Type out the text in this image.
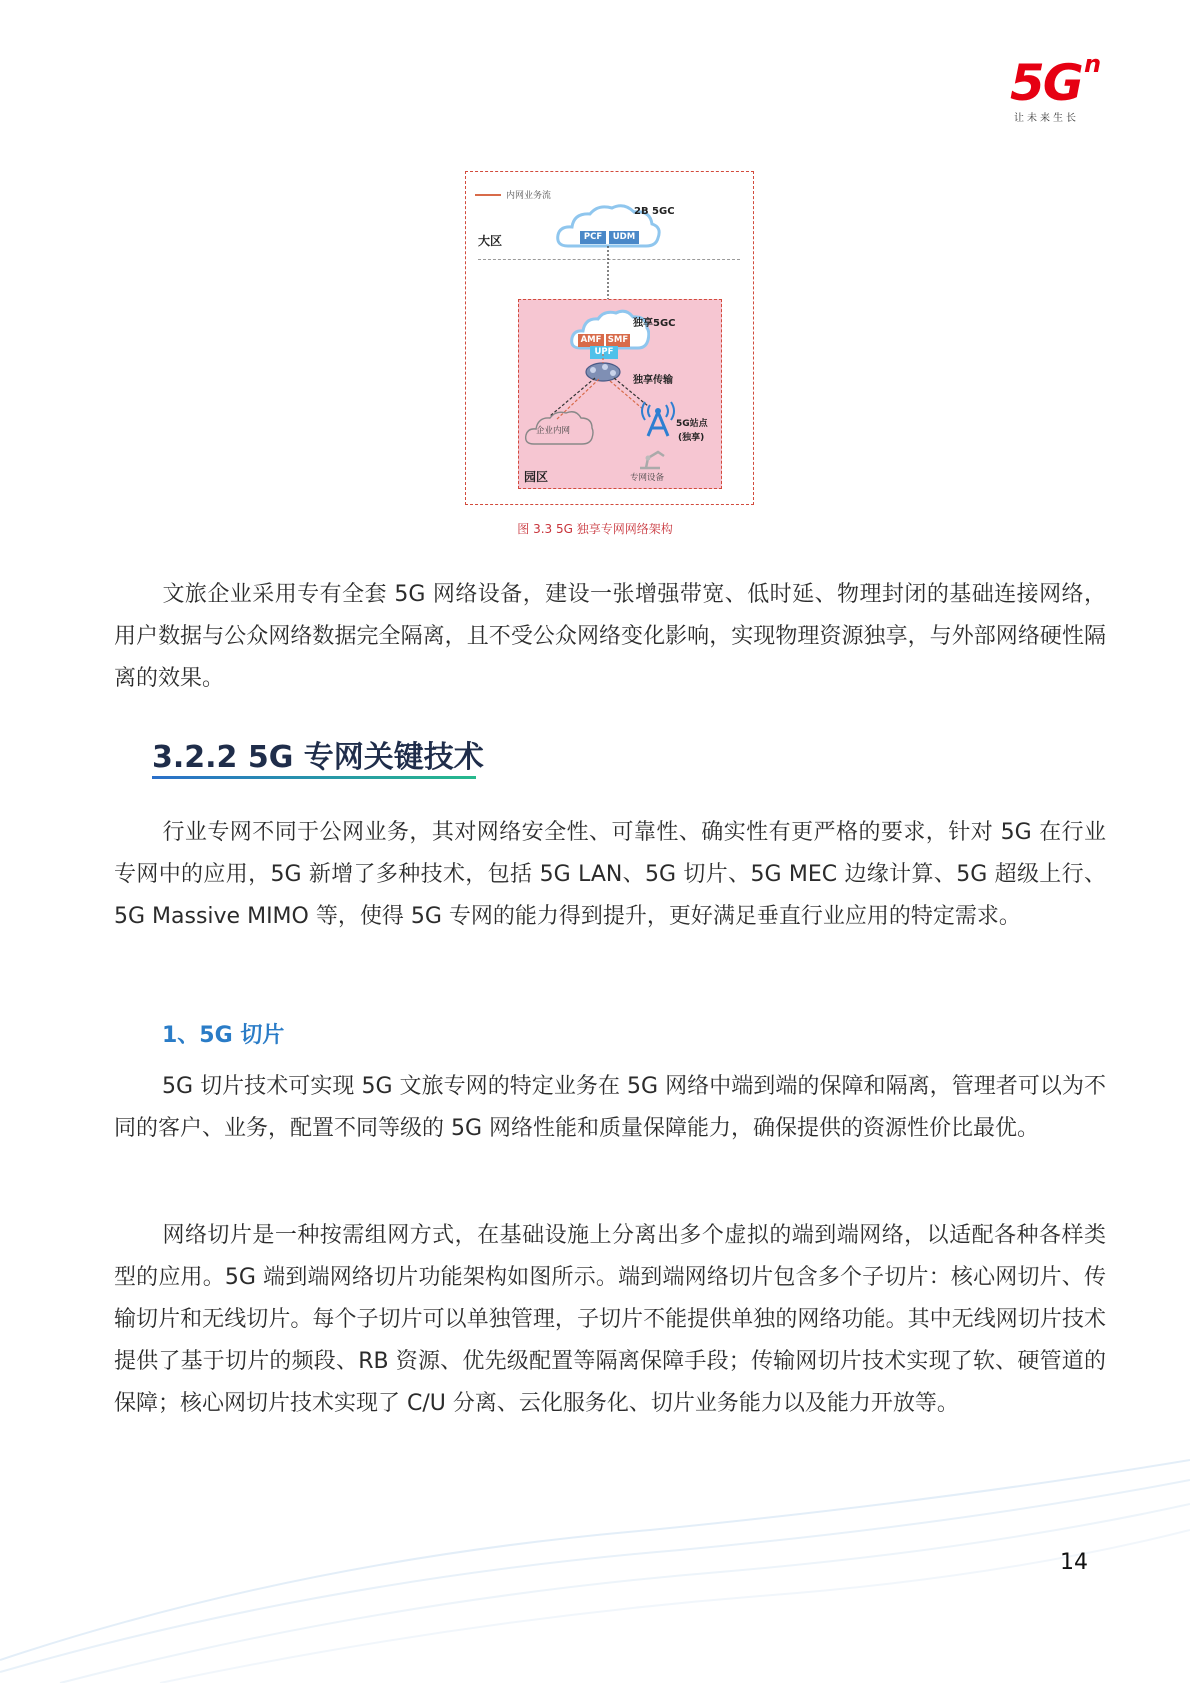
5G n
让未来生长
内网业务流
大区
2B 5GC
PCF	UDM
独享5GC
AMF SMF
UPF
独享传输
企业内网
5G站点
(独享)
专网设备
园区
图 3.3 5G 独享专网网络架构

文旅企业采用专有全套 5G 网络设备，建设一张增强带宽、低时延、物理封闭的基础连接网络，用户数据与公众网络数据完全隔离，且不受公众网络变化影响，实现物理资源独享，与外部网络硬性隔离的效果。

3.2.2 5G 专网关键技术

行业专网不同于公网业务，其对网络安全性、可靠性、确实性有更严格的要求，针对 5G 在行业专网中的应用，5G 新增了多种技术，包括 5G LAN、5G 切片、5G MEC 边缘计算、5G 超级上行、5G Massive MIMO 等，使得 5G 专网的能力得到提升，更好满足垂直行业应用的特定需求。

1、5G 切片

5G 切片技术可实现 5G 文旅专网的特定业务在 5G 网络中端到端的保障和隔离，管理者可以为不同的客户、业务，配置不同等级的 5G 网络性能和质量保障能力，确保提供的资源性价比最优。

网络切片是一种按需组网方式，在基础设施上分离出多个虚拟的端到端网络，以适配各种各样类型的应用。5G 端到端网络切片功能架构如图所示。端到端网络切片包含多个子切片：核心网切片、传输切片和无线切片。每个子切片可以单独管理，子切片不能提供单独的网络功能。其中无线网切片技术提供了基于切片的频段、RB 资源、优先级配置等隔离保障手段；传输网切片技术实现了软、硬管道的保障；核心网切片技术实现了 C/U 分离、云化服务化、切片业务能力以及能力开放等。

14
